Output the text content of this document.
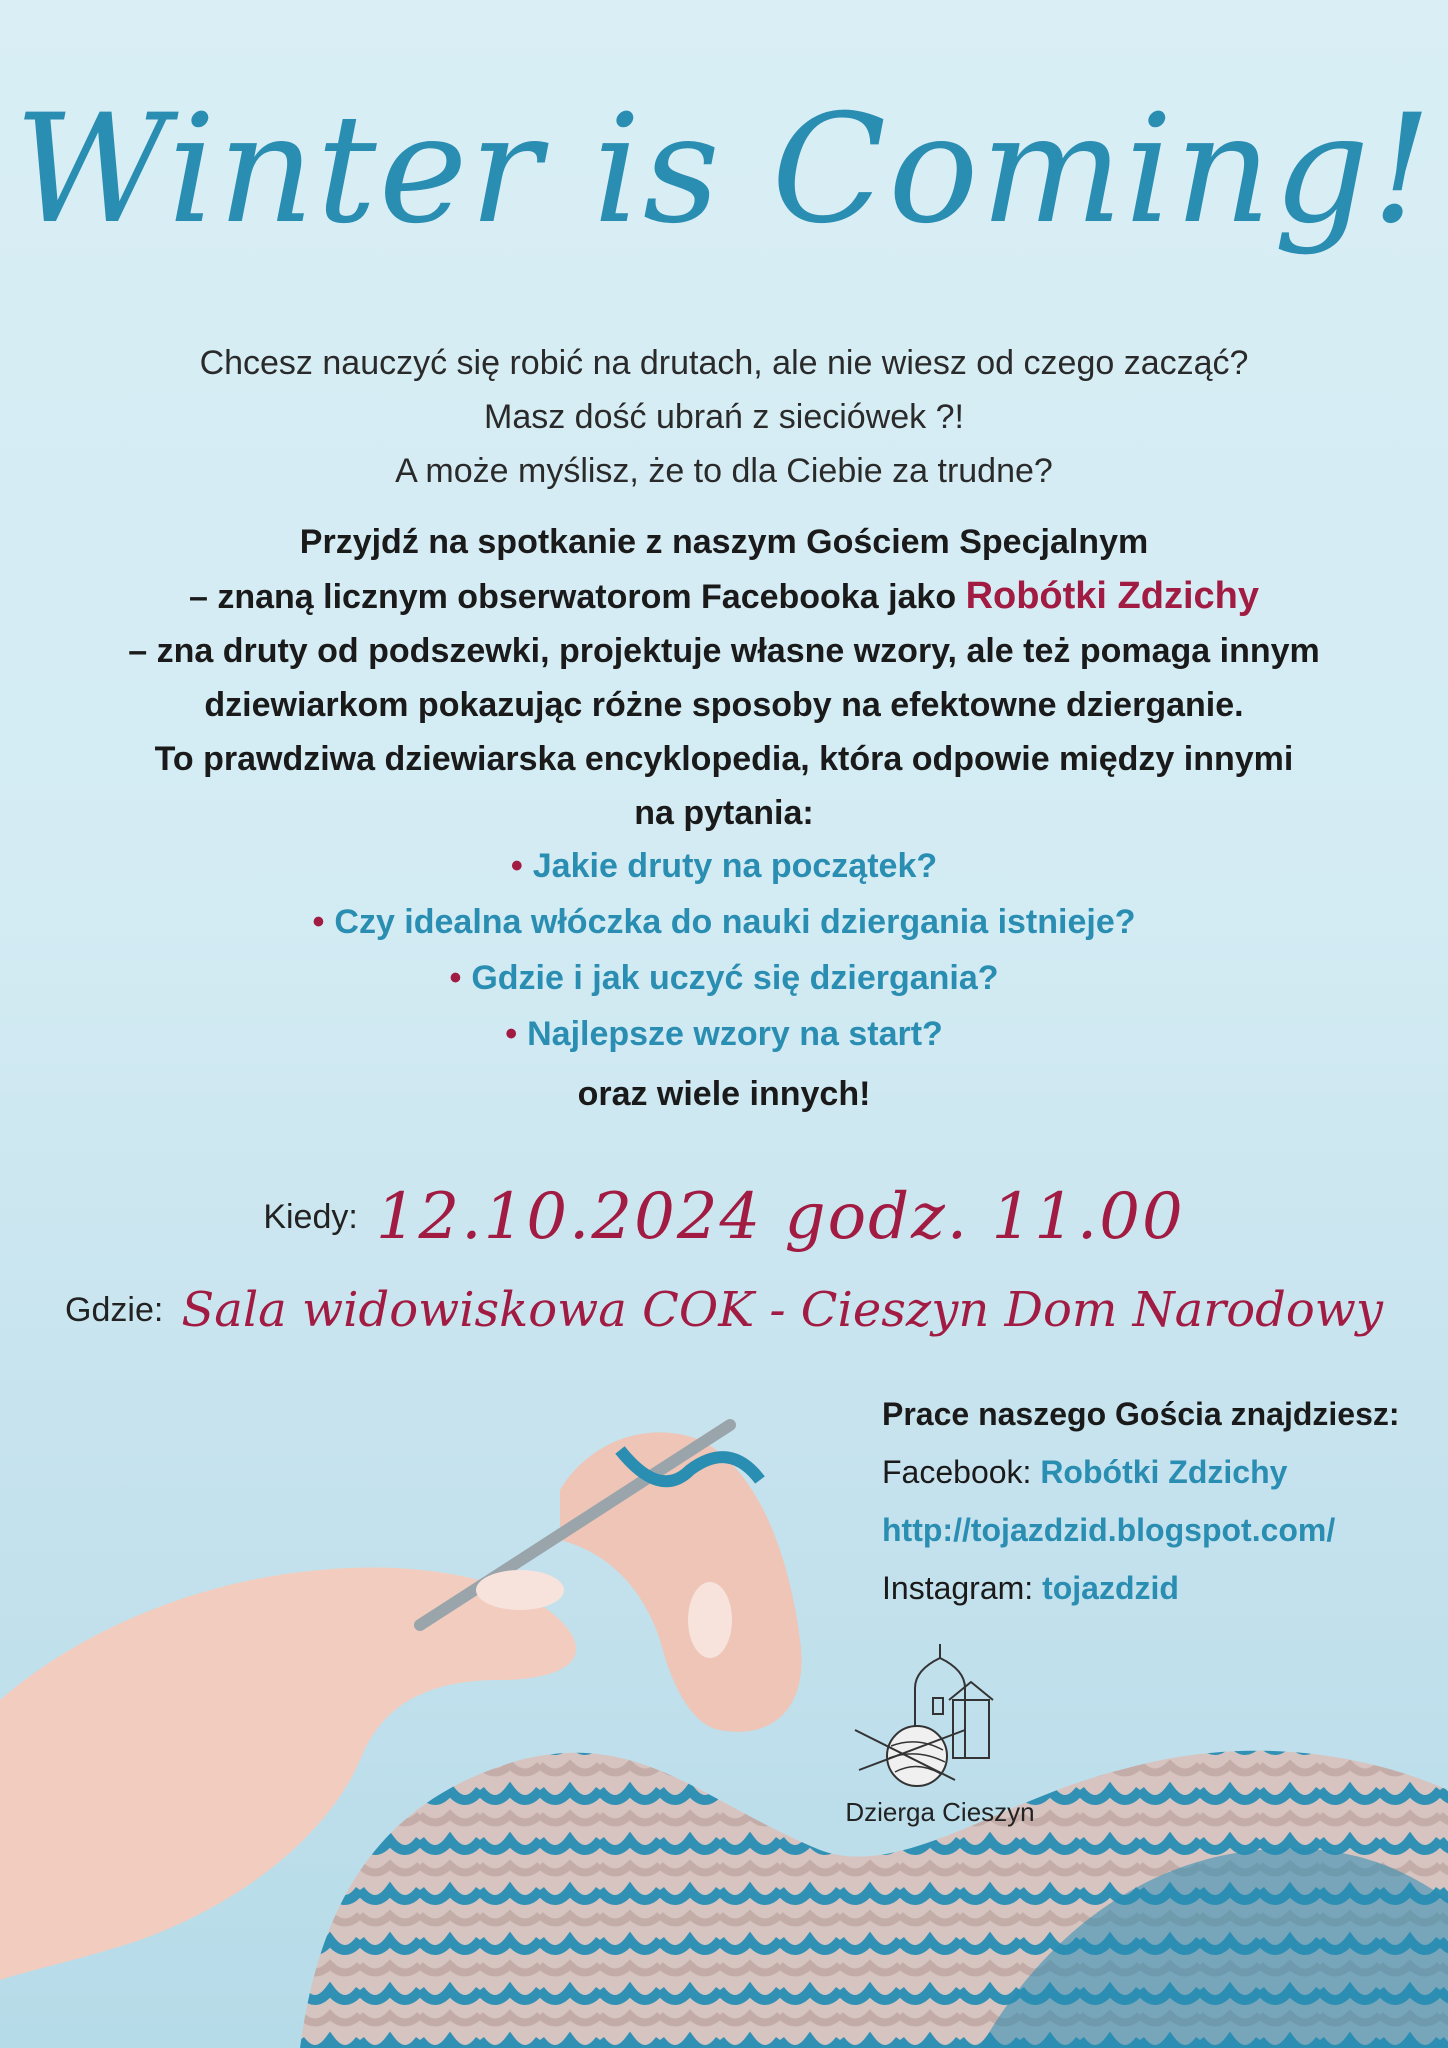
Winter is Coming!
Chcesz nauczyć się robić na drutach, ale nie wiesz od czego zacząć?
Masz dość ubrań z sieciówek ?!
A może myślisz, że to dla Ciebie za trudne?
Przyjdź na spotkanie z naszym Gościem Specjalnym
– znaną licznym obserwatorom Facebooka jako Robótki Zdzichy
– zna druty od podszewki, projektuje własne wzory, ale też pomaga innym
dziewiarkom pokazując różne sposoby na efektowne dzierganie.
To prawdziwa dziewiarska encyklopedia, która odpowie między innymi
na pytania:
• Jakie druty na początek?
• Czy idealna włóczka do nauki dziergania istnieje?
• Gdzie i jak uczyć się dziergania?
• Najlepsze wzory na start?
oraz wiele innych!
Kiedy: 12.10.2024 godz. 11.00
Gdzie: Sala widowiskowa COK - Cieszyn Dom Narodowy
Prace naszego Gościa znajdziesz:
Facebook: Robótki Zdzichy
http://tojazdzid.blogspot.com/
Instagram: tojazdzid
Dzierga Cieszyn
